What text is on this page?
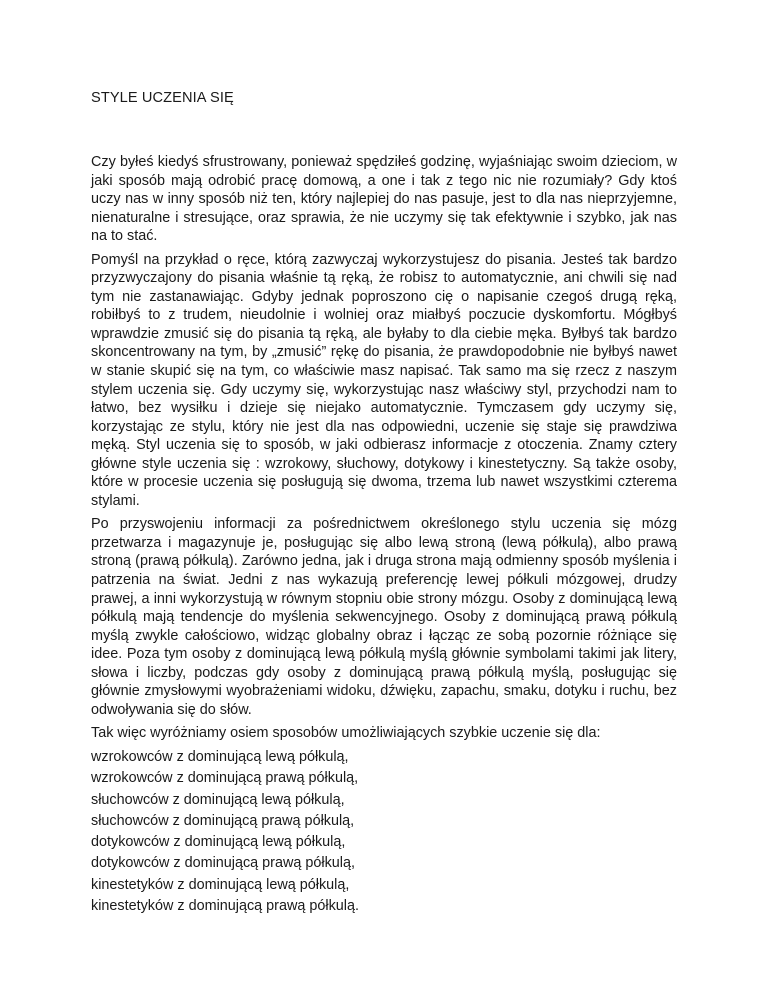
STYLE UCZENIA SIĘ

Czy byłeś kiedyś sfrustrowany, ponieważ spędziłeś godzinę, wyjaśniając swoim dzieciom, w jaki sposób mają odrobić pracę domową, a one i tak z tego nic nie rozumiały? Gdy ktoś uczy nas w inny sposób niż ten, który najlepiej do nas pasuje, jest to dla nas nieprzyjemne, nienaturalne i stresujące, oraz sprawia, że nie uczymy się tak efektywnie i szybko, jak nas na to stać.

Pomyśl na przykład o ręce, którą zazwyczaj wykorzystujesz do pisania. Jesteś tak bardzo przyzwyczajony do pisania właśnie tą ręką, że robisz to automatycznie, ani chwili się nad tym nie zastanawiając. Gdyby jednak poproszono cię o napisanie czegoś drugą ręką, robiłbyś to z trudem, nieudolnie i wolniej oraz miałbyś poczucie dyskomfortu. Mógłbyś wprawdzie zmusić się do pisania tą ręką, ale byłaby to dla ciebie męka. Byłbyś tak bardzo skoncentrowany na tym, by „zmusić” rękę do pisania, że prawdopodobnie nie byłbyś nawet w stanie skupić się na tym, co właściwie masz napisać. Tak samo ma się rzecz z naszym stylem uczenia się. Gdy uczymy się, wykorzystując nasz właściwy styl, przychodzi nam to łatwo, bez wysiłku i dzieje się niejako automatycznie. Tymczasem gdy uczymy się, korzystając ze stylu, który nie jest dla nas odpowiedni, uczenie się staje się prawdziwa męką. Styl uczenia się to sposób, w jaki odbierasz informacje z otoczenia. Znamy cztery główne style uczenia się : wzrokowy, słuchowy, dotykowy i kinestetyczny. Są także osoby, które w procesie uczenia się posługują się dwoma, trzema lub nawet wszystkimi czterema stylami.

Po przyswojeniu informacji za pośrednictwem określonego stylu uczenia się mózg przetwarza i magazynuje je, posługując się albo lewą stroną (lewą półkulą), albo prawą stroną (prawą półkulą). Zarówno jedna, jak i druga strona mają odmienny sposób myślenia i patrzenia na świat. Jedni z nas wykazują preferencję lewej półkuli mózgowej, drudzy prawej, a inni wykorzystują w równym stopniu obie strony mózgu. Osoby z dominującą lewą półkulą mają tendencje do myślenia sekwencyjnego. Osoby z dominującą prawą półkulą myślą zwykle całościowo, widząc globalny obraz i łącząc ze sobą pozornie różniące się idee. Poza tym osoby z dominującą lewą półkulą myślą głównie symbolami takimi jak litery, słowa i liczby, podczas gdy osoby z dominującą prawą półkulą myślą, posługując się głównie zmysłowymi wyobrażeniami widoku, dźwięku, zapachu, smaku, dotyku i ruchu, bez odwoływania się do słów.

Tak więc wyróżniamy osiem sposobów umożliwiających szybkie uczenie się dla:

wzrokowców z dominującą lewą półkulą,
wzrokowców z dominującą prawą półkulą,
słuchowców z dominującą lewą półkulą,
słuchowców z dominującą prawą półkulą,
dotykowców z dominującą lewą półkulą,
dotykowców z dominującą prawą półkulą,
kinestetyków z dominującą lewą półkulą,
kinestetyków z dominującą prawą półkulą.
